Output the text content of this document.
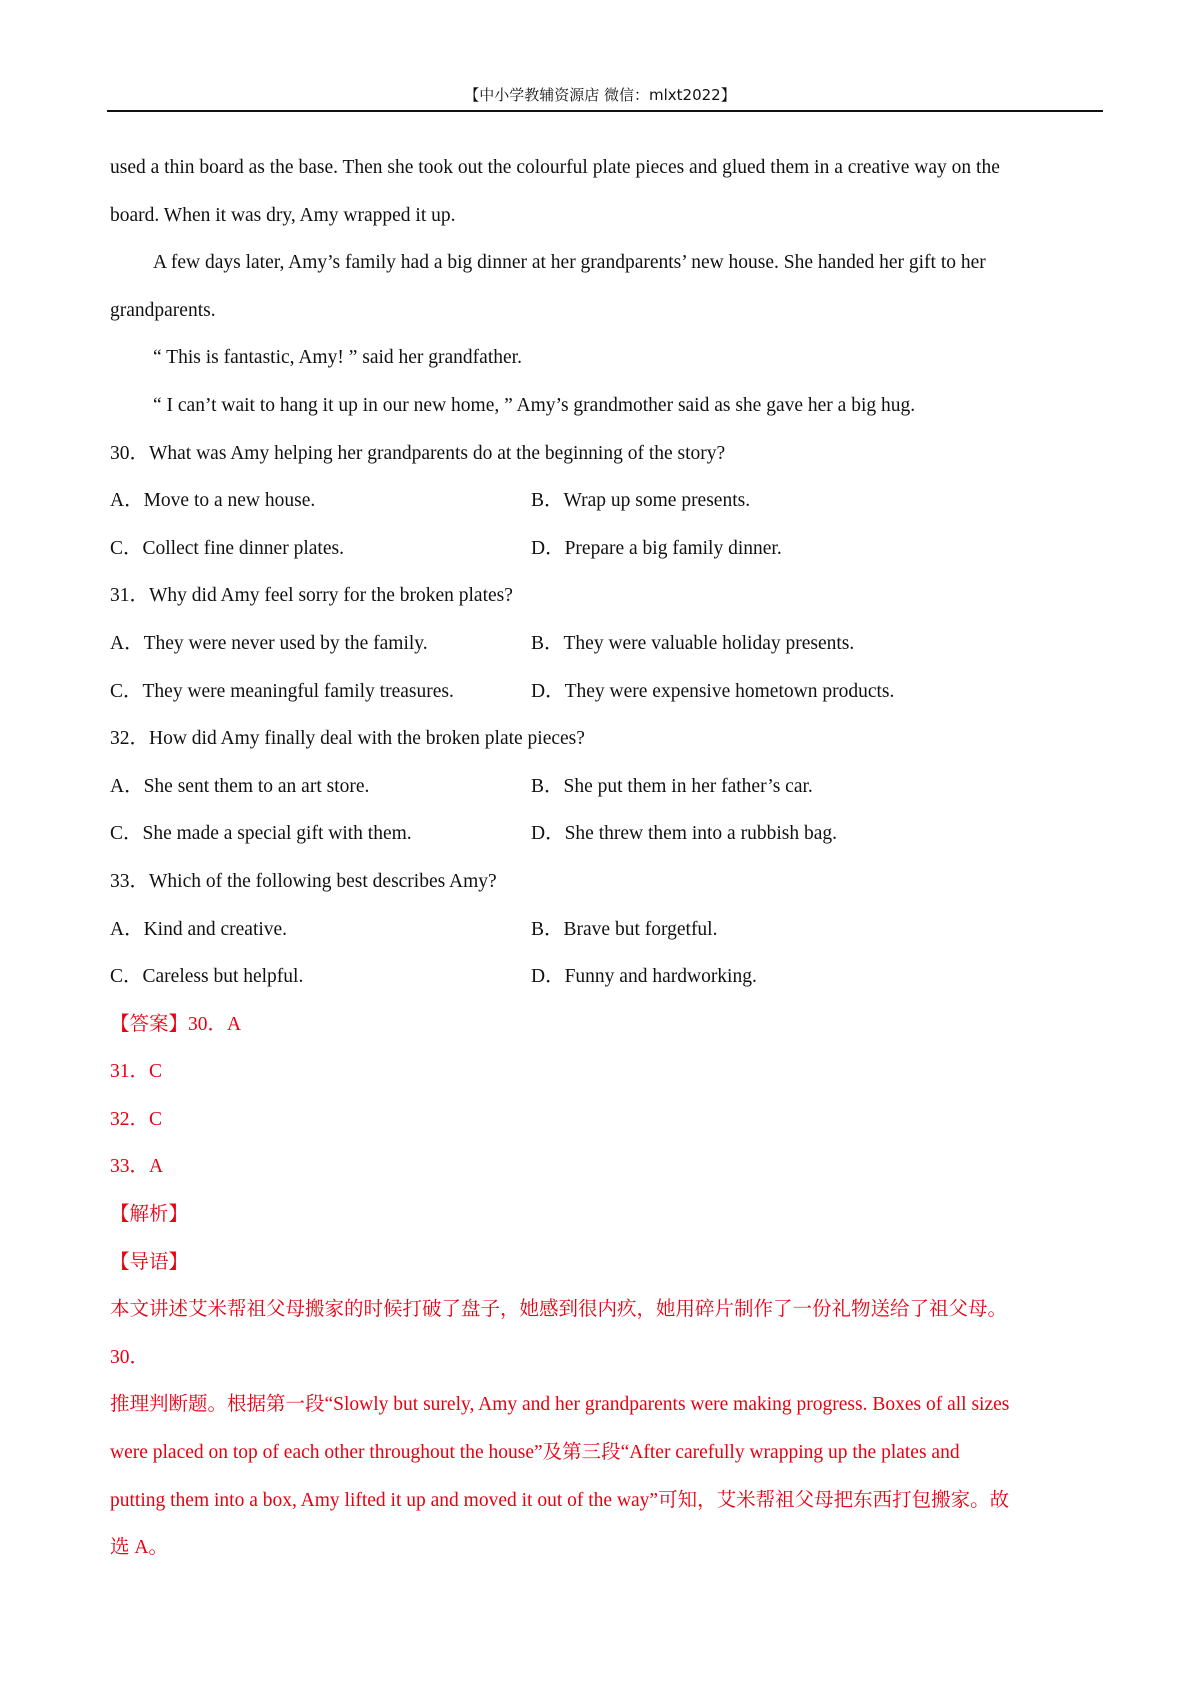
【中小学教辅资源店 微信：mlxt2022】
used a thin board as the base. Then she took out the colourful plate pieces and glued them in a creative way on the
board. When it was dry, Amy wrapped it up.
A few days later, Amy’s family had a big dinner at her grandparents’ new house. She handed her gift to her
grandparents.
“ This is fantastic, Amy! ” said her grandfather.
“ I can’t wait to hang it up in our new home, ” Amy’s grandmother said as she gave her a big hug.
30．What was Amy helping her grandparents do at the beginning of the story?
A．Move to a new house.	B．Wrap up some presents.
C．Collect fine dinner plates.	D．Prepare a big family dinner.
31．Why did Amy feel sorry for the broken plates?
A．They were never used by the family.	B．They were valuable holiday presents.
C．They were meaningful family treasures.	D．They were expensive hometown products.
32．How did Amy finally deal with the broken plate pieces?
A．She sent them to an art store.	B．She put them in her father’s car.
C．She made a special gift with them.	D．She threw them into a rubbish bag.
33．Which of the following best describes Amy?
A．Kind and creative.	B．Brave but forgetful.
C．Careless but helpful.	D．Funny and hardworking.
【答案】30．A
31．C
32．C
33．A
【解析】
【导语】
本文讲述艾米帮祖父母搬家的时候打破了盘子，她感到很内疚，她用碎片制作了一份礼物送给了祖父母。
30．
推理判断题。根据第一段“Slowly but surely, Amy and her grandparents were making progress. Boxes of all sizes
were placed on top of each other throughout the house”及第三段“After carefully wrapping up the plates and
putting them into a box, Amy lifted it up and moved it out of the way”可知，艾米帮祖父母把东西打包搬家。故
选 A。
